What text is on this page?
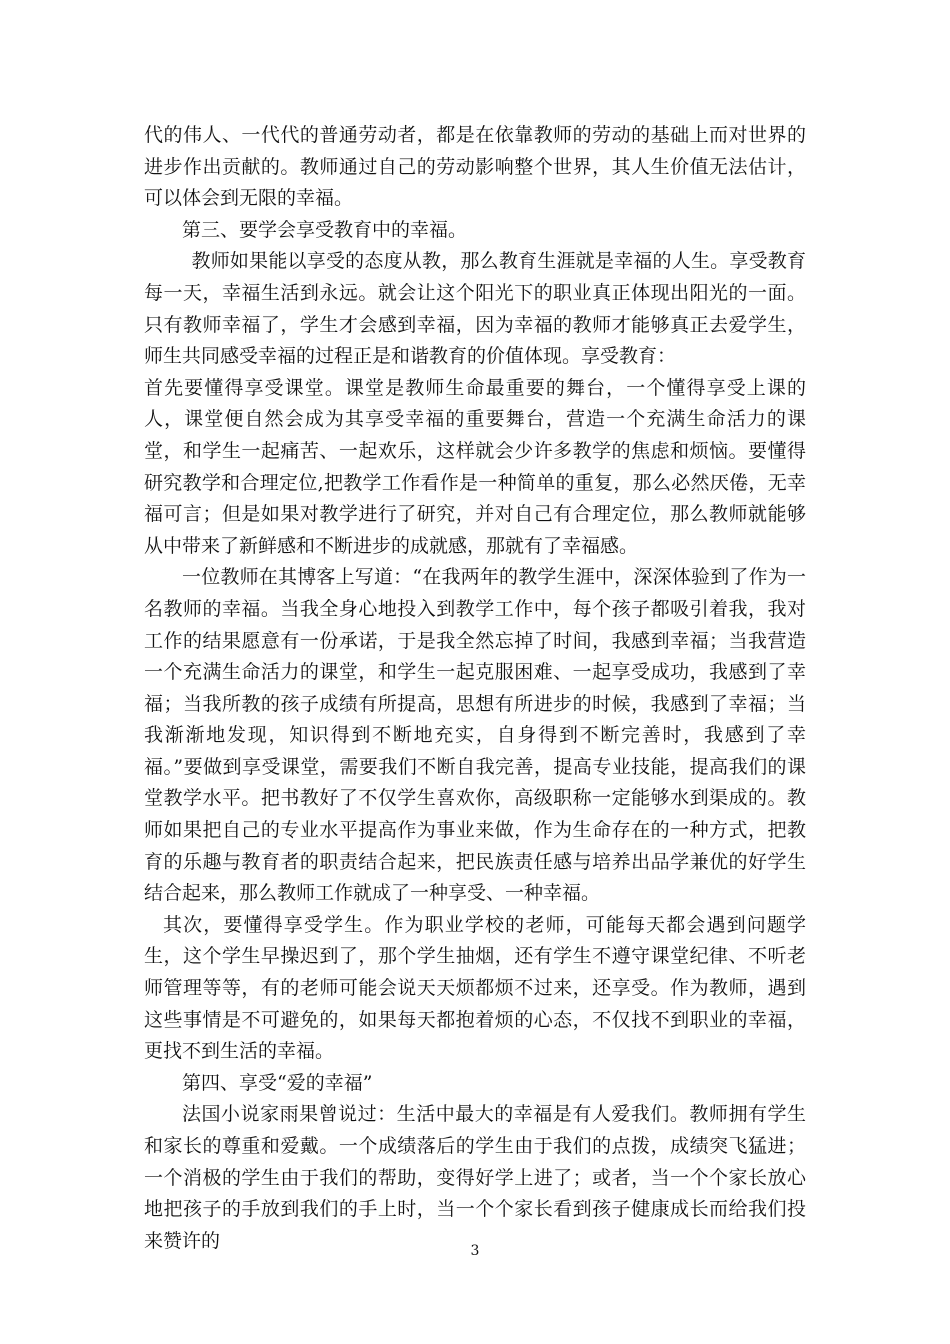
代的伟人、一代代的普通劳动者，都是在依靠教师的劳动的基础上而对世界的进步作出贡献的。教师通过自己的劳动影响整个世界，其人生价值无法估计，可以体会到无限的幸福。

第三、要学会享受教育中的幸福。

教师如果能以享受的态度从教，那么教育生涯就是幸福的人生。享受教育每一天，幸福生活到永远。就会让这个阳光下的职业真正体现出阳光的一面。只有教师幸福了，学生才会感到幸福，因为幸福的教师才能够真正去爱学生，师生共同感受幸福的过程正是和谐教育的价值体现。享受教育：

首先要懂得享受课堂。课堂是教师生命最重要的舞台，一个懂得享受上课的人，课堂便自然会成为其享受幸福的重要舞台，营造一个充满生命活力的课堂，和学生一起痛苦、一起欢乐，这样就会少许多教学的焦虑和烦恼。要懂得研究教学和合理定位,把教学工作看作是一种简单的重复，那么必然厌倦，无幸福可言；但是如果对教学进行了研究，并对自己有合理定位，那么教师就能够从中带来了新鲜感和不断进步的成就感，那就有了幸福感。

一位教师在其博客上写道：“在我两年的教学生涯中，深深体验到了作为一名教师的幸福。当我全身心地投入到教学工作中，每个孩子都吸引着我，我对工作的结果愿意有一份承诺，于是我全然忘掉了时间，我感到幸福；当我营造一个充满生命活力的课堂，和学生一起克服困难、一起享受成功，我感到了幸福；当我所教的孩子成绩有所提高，思想有所进步的时候，我感到了幸福；当我渐渐地发现，知识得到不断地充实，自身得到不断完善时，我感到了幸福。”要做到享受课堂，需要我们不断自我完善，提高专业技能，提高我们的课堂教学水平。把书教好了不仅学生喜欢你，高级职称一定能够水到渠成的。教师如果把自己的专业水平提高作为事业来做，作为生命存在的一种方式，把教育的乐趣与教育者的职责结合起来，把民族责任感与培养出品学兼优的好学生结合起来，那么教师工作就成了一种享受、一种幸福。

其次，要懂得享受学生。作为职业学校的老师，可能每天都会遇到问题学生，这个学生早操迟到了，那个学生抽烟，还有学生不遵守课堂纪律、不听老师管理等等，有的老师可能会说天天烦都烦不过来，还享受。作为教师，遇到这些事情是不可避免的，如果每天都抱着烦的心态，不仅找不到职业的幸福，更找不到生活的幸福。

第四、享受“爱的幸福”

法国小说家雨果曾说过：生活中最大的幸福是有人爱我们。教师拥有学生和家长的尊重和爱戴。一个成绩落后的学生由于我们的点拨，成绩突飞猛进；一个消极的学生由于我们的帮助，变得好学上进了；或者，当一个个家长放心地把孩子的手放到我们的手上时，当一个个家长看到孩子健康成长而给我们投来赞许的	3
